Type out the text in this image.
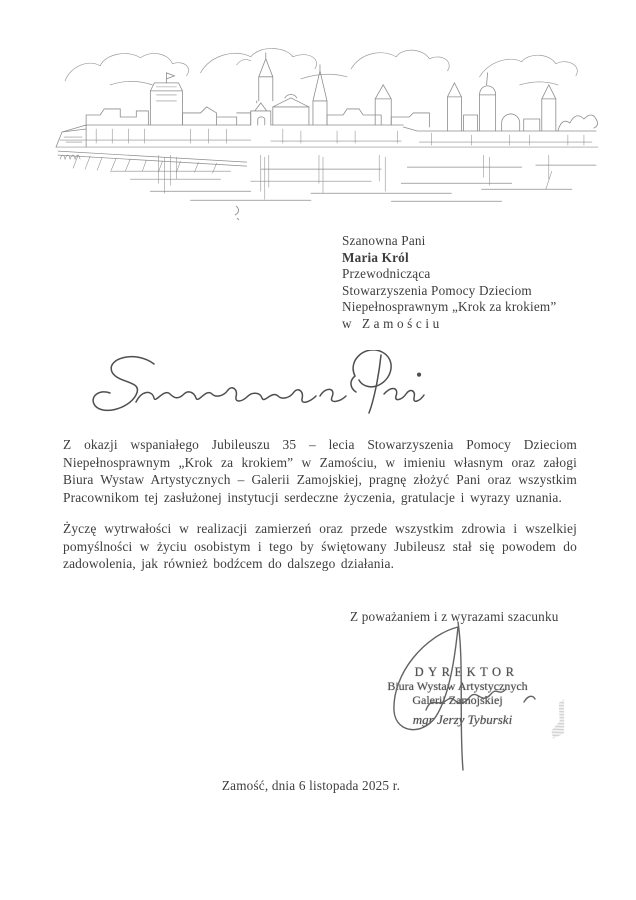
Szanowna Pani
Maria Król
Przewodnicząca
Stowarzyszenia Pomocy Dzieciom
Niepełnosprawnym „Krok za krokiem”
w Zamościu

Z okazji wspaniałego Jubileuszu 35 – lecia Stowarzyszenia Pomocy Dzieciom Niepełnosprawnym „Krok za krokiem” w Zamościu, w imieniu własnym oraz załogi Biura Wystaw Artystycznych – Galerii Zamojskiej, pragnę złożyć Pani oraz wszystkim Pracownikom tej zasłużonej instytucji serdeczne życzenia, gratulacje i wyrazy uznania.

Życzę wytrwałości w realizacji zamierzeń oraz przede wszystkim zdrowia i wszelkiej pomyślności w życiu osobistym i tego by świętowany Jubileusz stał się powodem do zadowolenia, jak również bodźcem do dalszego działania.

Z poważaniem i z wyrazami szacunku
DYREKTOR
Biura Wystaw Artystycznych
Galerii Zamojskiej
mgr Jerzy Tyburski
Zamość, dnia 6 listopada 2025 r.
